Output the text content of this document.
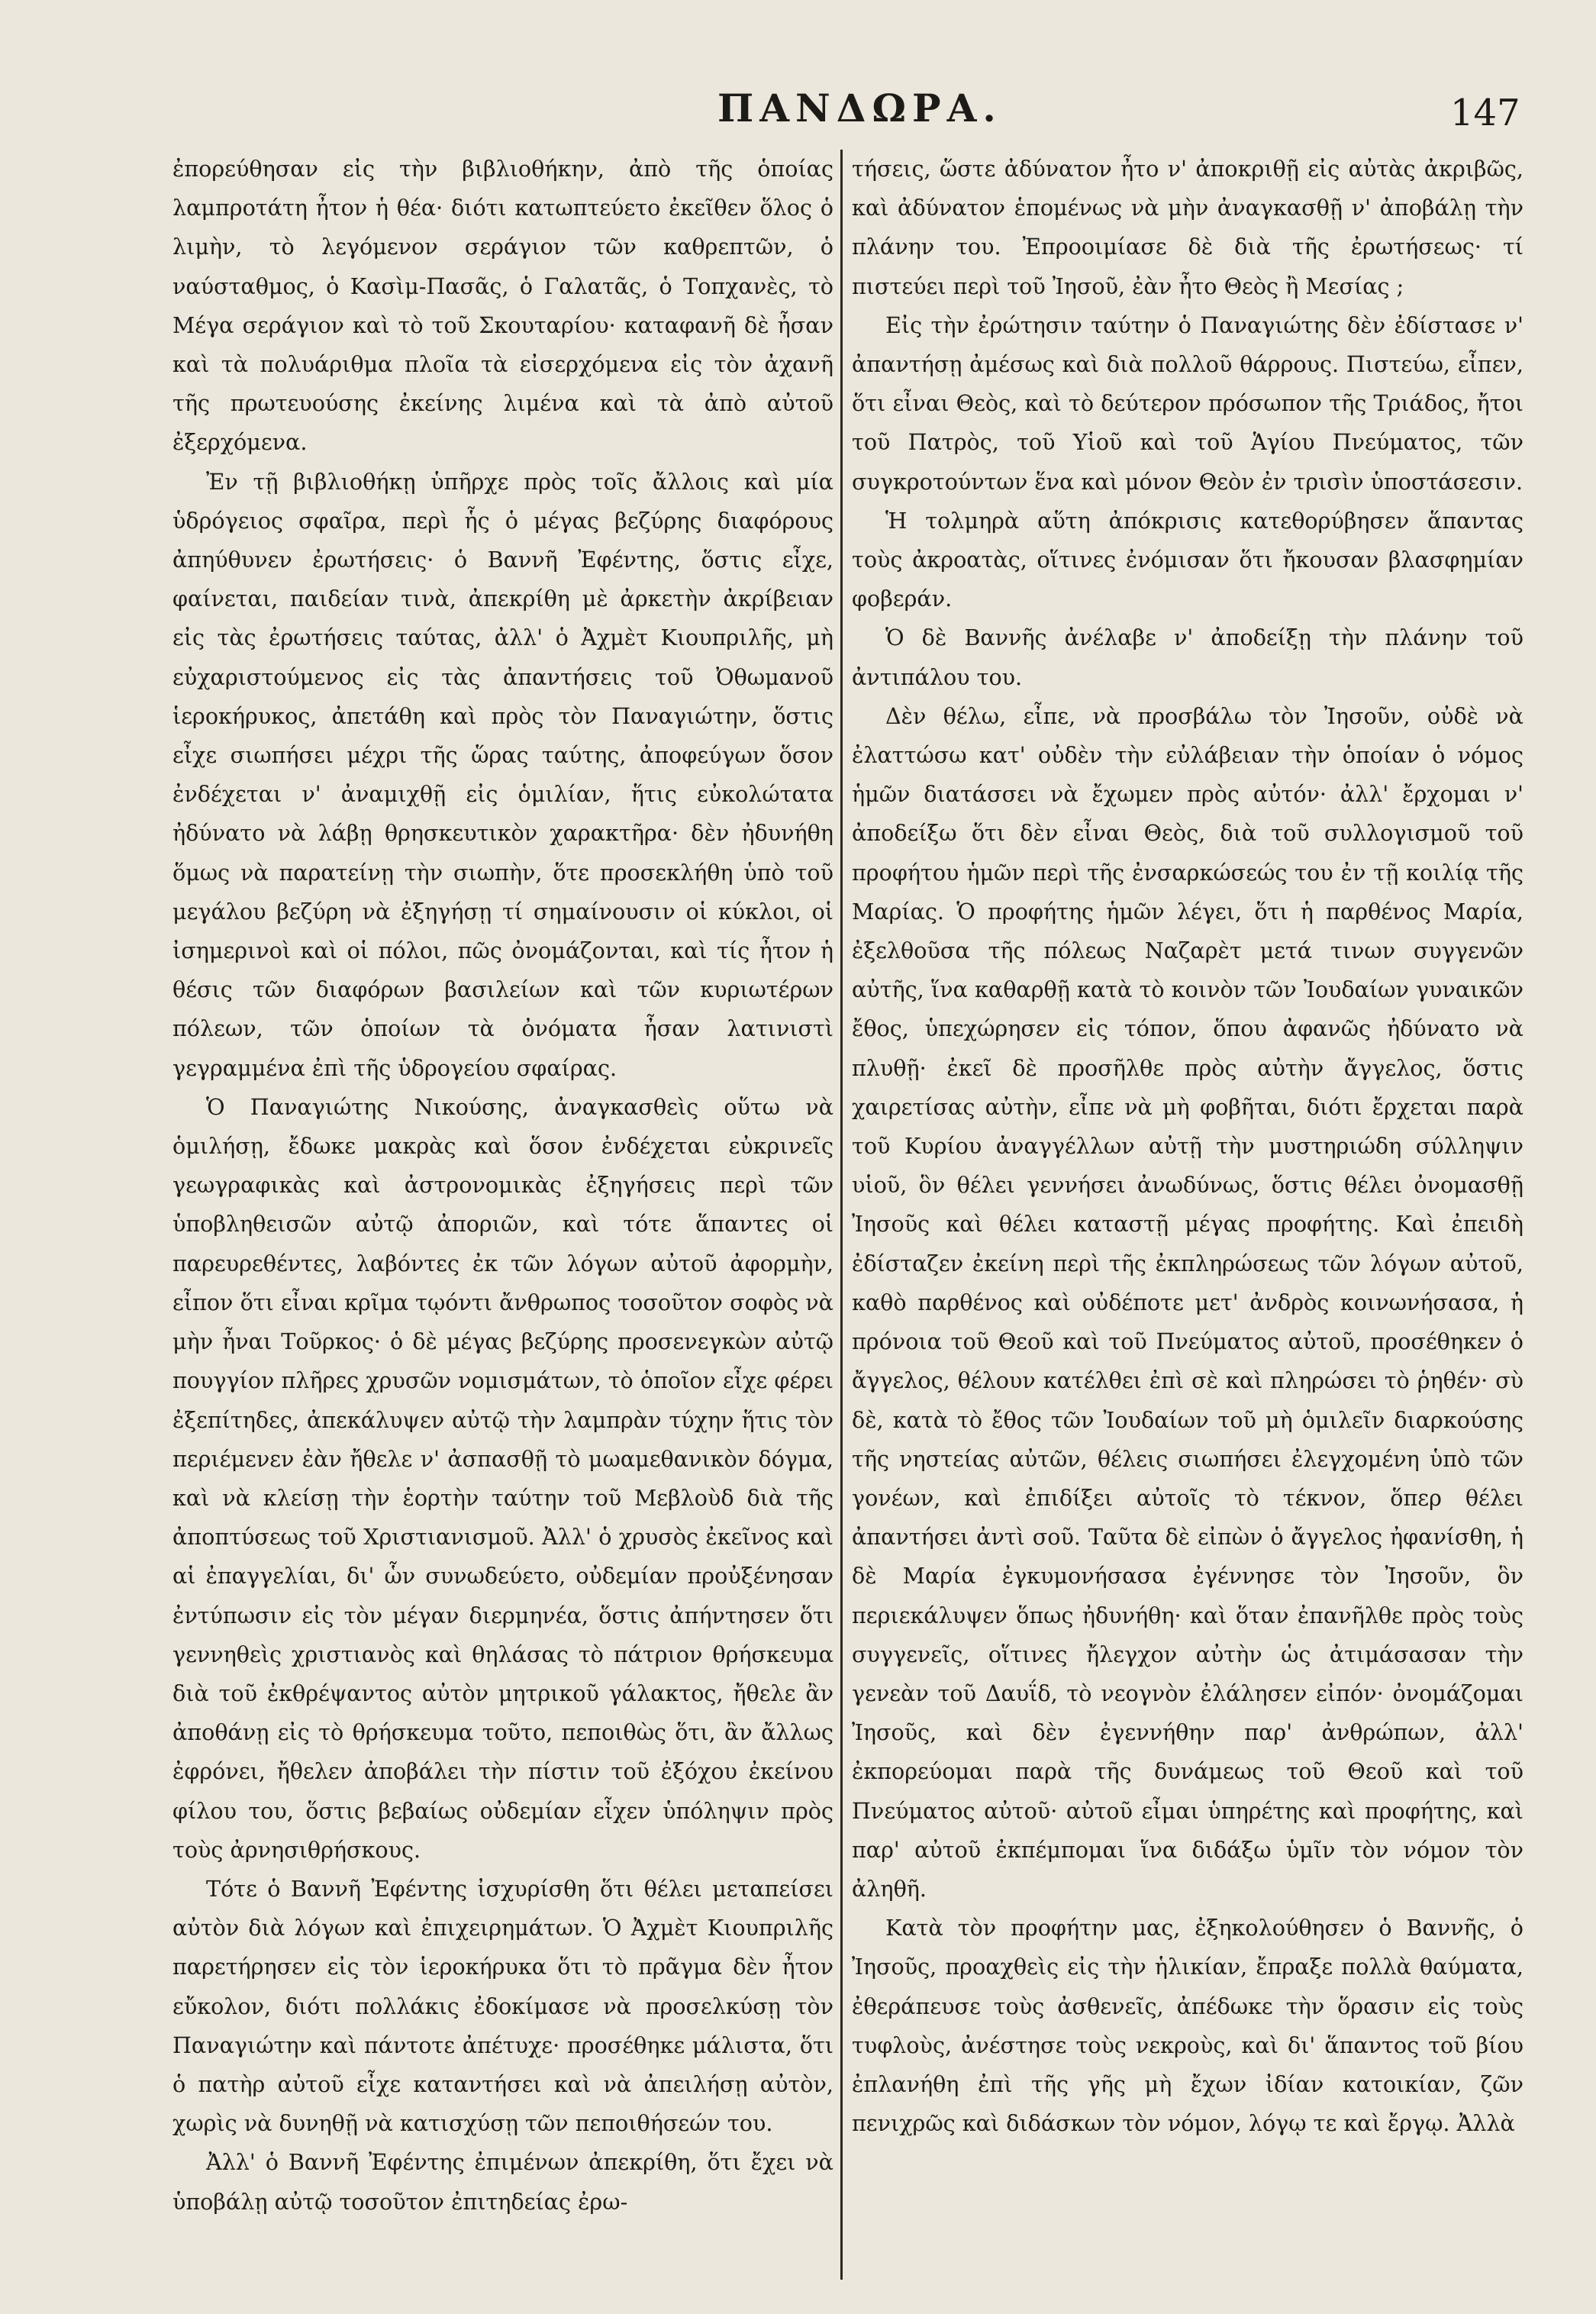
ΠΑΝΔΩΡΑ.	147

ἐπορεύθησαν εἰς τὴν βιβλιοθήκην, ἀπὸ τῆς ὁποίας λαμπροτάτη ἦτον ἡ θέα· διότι κατωπτεύετο ἐκεῖθεν ὅλος ὁ λιμὴν, τὸ λεγόμενον σεράγιον τῶν καθρεπτῶν, ὁ ναύσταθμος, ὁ Κασὶμ-Πασᾶς, ὁ Γαλατᾶς, ὁ Τοπχανὲς, τὸ Μέγα σεράγιον καὶ τὸ τοῦ Σκουταρίου· καταφανῆ δὲ ἦσαν καὶ τὰ πολυάριθμα πλοῖα τὰ εἰσερχόμενα εἰς τὸν ἀχανῆ τῆς πρωτευούσης ἐκείνης λιμένα καὶ τὰ ἀπὸ αὐτοῦ ἐξερχόμενα.

Ἐν τῇ βιβλιοθήκῃ ὑπῆρχε πρὸς τοῖς ἄλλοις καὶ μία ὑδρόγειος σφαῖρα, περὶ ἧς ὁ μέγας βεζύρης διαφόρους ἀπηύθυνεν ἐρωτήσεις· ὁ Βαννῆ Ἐφέντης, ὅστις εἶχε, φαίνεται, παιδείαν τινὰ, ἀπεκρίθη μὲ ἀρκετὴν ἀκρίβειαν εἰς τὰς ἐρωτήσεις ταύτας, ἀλλ' ὁ Ἀχμὲτ Κιουπριλῆς, μὴ εὐχαριστούμενος εἰς τὰς ἀπαντήσεις τοῦ Ὀθωμανοῦ ἱεροκήρυκος, ἀπετάθη καὶ πρὸς τὸν Παναγιώτην, ὅστις εἶχε σιωπήσει μέχρι τῆς ὥρας ταύτης, ἀποφεύγων ὅσον ἐνδέχεται ν' ἀναμιχθῇ εἰς ὁμιλίαν, ἥτις εὐκολώτατα ἠδύνατο νὰ λάβῃ θρησκευτικὸν χαρακτῆρα· δὲν ἠδυνήθη ὅμως νὰ παρατείνῃ τὴν σιωπὴν, ὅτε προσεκλήθη ὑπὸ τοῦ μεγάλου βεζύρη νὰ ἐξηγήσῃ τί σημαίνουσιν οἱ κύκλοι, οἱ ἰσημερινοὶ καὶ οἱ πόλοι, πῶς ὀνομάζονται, καὶ τίς ἦτον ἡ θέσις τῶν διαφόρων βασιλείων καὶ τῶν κυριωτέρων πόλεων, τῶν ὁποίων τὰ ὀνόματα ἦσαν λατινιστὶ γεγραμμένα ἐπὶ τῆς ὑδρογείου σφαίρας.

Ὁ Παναγιώτης Νικούσης, ἀναγκασθεὶς οὕτω νὰ ὁμιλήσῃ, ἔδωκε μακρὰς καὶ ὅσον ἐνδέχεται εὐκρινεῖς γεωγραφικὰς καὶ ἀστρονομικὰς ἐξηγήσεις περὶ τῶν ὑποβληθεισῶν αὐτῷ ἀποριῶν, καὶ τότε ἅπαντες οἱ παρευρεθέντες, λαβόντες ἐκ τῶν λόγων αὐτοῦ ἀφορμὴν, εἶπον ὅτι εἶναι κρῖμα τῳόντι ἄνθρωπος τοσοῦτον σοφὸς νὰ μὴν ἦναι Τοῦρκος· ὁ δὲ μέγας βεζύρης προσενεγκὼν αὐτῷ πουγγίον πλῆρες χρυσῶν νομισμάτων, τὸ ὁποῖον εἶχε φέρει ἐξεπίτηδες, ἀπεκάλυψεν αὐτῷ τὴν λαμπρὰν τύχην ἥτις τὸν περιέμενεν ἐὰν ἤθελε ν' ἀσπασθῇ τὸ μωαμεθανικὸν δόγμα, καὶ νὰ κλείσῃ τὴν ἑορτὴν ταύτην τοῦ Μεβλοὺδ διὰ τῆς ἀποπτύσεως τοῦ Χριστιανισμοῦ. Ἀλλ' ὁ χρυσὸς ἐκεῖνος καὶ αἱ ἐπαγγελίαι, δι' ὧν συνωδεύετο, οὐδεμίαν προὐξένησαν ἐντύπωσιν εἰς τὸν μέγαν διερμηνέα, ὅστις ἀπήντησεν ὅτι γεννηθεὶς χριστιανὸς καὶ θηλάσας τὸ πάτριον θρήσκευμα διὰ τοῦ ἐκθρέψαντος αὐτὸν μητρικοῦ γάλακτος, ἤθελε ἂν ἀποθάνῃ εἰς τὸ θρήσκευμα τοῦτο, πεποιθὼς ὅτι, ἂν ἄλλως ἐφρόνει, ἤθελεν ἀποβάλει τὴν πίστιν τοῦ ἐξόχου ἐκείνου φίλου του, ὅστις βεβαίως οὐδεμίαν εἶχεν ὑπόληψιν πρὸς τοὺς ἀρνησιθρήσκους.

Τότε ὁ Βαννῆ Ἐφέντης ἰσχυρίσθη ὅτι θέλει μεταπείσει αὐτὸν διὰ λόγων καὶ ἐπιχειρημάτων. Ὁ Ἀχμὲτ Κιουπριλῆς παρετήρησεν εἰς τὸν ἱεροκήρυκα ὅτι τὸ πρᾶγμα δὲν ἦτον εὔκολον, διότι πολλάκις ἐδοκίμασε νὰ προσελκύσῃ τὸν Παναγιώτην καὶ πάντοτε ἀπέτυχε· προσέθηκε μάλιστα, ὅτι ὁ πατὴρ αὐτοῦ εἶχε καταντήσει καὶ νὰ ἀπειλήσῃ αὐτὸν, χωρὶς νὰ δυνηθῇ νὰ κατισχύσῃ τῶν πεποιθήσεών του.

Ἀλλ' ὁ Βαννῆ Ἐφέντης ἐπιμένων ἀπεκρίθη, ὅτι ἔχει νὰ ὑποβάλῃ αὐτῷ τοσοῦτον ἐπιτηδείας ἐρω-

τήσεις, ὥστε ἀδύνατον ἦτο ν' ἀποκριθῇ εἰς αὐτὰς ἀκριβῶς, καὶ ἀδύνατον ἑπομένως νὰ μὴν ἀναγκασθῇ ν' ἀποβάλῃ τὴν πλάνην του. Ἐπροοιμίασε δὲ διὰ τῆς ἐρωτήσεως· τί πιστεύει περὶ τοῦ Ἰησοῦ, ἐὰν ἦτο Θεὸς ἢ Μεσίας ;

Εἰς τὴν ἐρώτησιν ταύτην ὁ Παναγιώτης δὲν ἐδίστασε ν' ἀπαντήσῃ ἀμέσως καὶ διὰ πολλοῦ θάρρους. Πιστεύω, εἶπεν, ὅτι εἶναι Θεὸς, καὶ τὸ δεύτερον πρόσωπον τῆς Τριάδος, ἤτοι τοῦ Πατρὸς, τοῦ Υἱοῦ καὶ τοῦ Ἁγίου Πνεύματος, τῶν συγκροτούντων ἕνα καὶ μόνον Θεὸν ἐν τρισὶν ὑποστάσεσιν.

Ἡ τολμηρὰ αὕτη ἀπόκρισις κατεθορύβησεν ἅπαντας τοὺς ἀκροατὰς, οἵτινες ἐνόμισαν ὅτι ἤκουσαν βλασφημίαν φοβεράν.

Ὁ δὲ Βαννῆς ἀνέλαβε ν' ἀποδείξῃ τὴν πλάνην τοῦ ἀντιπάλου του.

Δὲν θέλω, εἶπε, νὰ προσβάλω τὸν Ἰησοῦν, οὐδὲ νὰ ἐλαττώσω κατ' οὐδὲν τὴν εὐλάβειαν τὴν ὁποίαν ὁ νόμος ἡμῶν διατάσσει νὰ ἔχωμεν πρὸς αὐτόν· ἀλλ' ἔρχομαι ν' ἀποδείξω ὅτι δὲν εἶναι Θεὸς, διὰ τοῦ συλλογισμοῦ τοῦ προφήτου ἡμῶν περὶ τῆς ἐνσαρκώσεώς του ἐν τῇ κοιλίᾳ τῆς Μαρίας. Ὁ προφήτης ἡμῶν λέγει, ὅτι ἡ παρθένος Μαρία, ἐξελθοῦσα τῆς πόλεως Ναζαρὲτ μετά τινων συγγενῶν αὐτῆς, ἵνα καθαρθῇ κατὰ τὸ κοινὸν τῶν Ἰουδαίων γυναικῶν ἔθος, ὑπεχώρησεν εἰς τόπον, ὅπου ἀφανῶς ἠδύνατο νὰ πλυθῇ· ἐκεῖ δὲ προσῆλθε πρὸς αὐτὴν ἄγγελος, ὅστις χαιρετίσας αὐτὴν, εἶπε νὰ μὴ φοβῆται, διότι ἔρχεται παρὰ τοῦ Κυρίου ἀναγγέλλων αὐτῇ τὴν μυστηριώδη σύλληψιν υἱοῦ, ὃν θέλει γεννήσει ἀνωδύνως, ὅστις θέλει ὀνομασθῇ Ἰησοῦς καὶ θέλει καταστῇ μέγας προφήτης. Καὶ ἐπειδὴ ἐδίσταζεν ἐκείνη περὶ τῆς ἐκπληρώσεως τῶν λόγων αὐτοῦ, καθὸ παρθένος καὶ οὐδέποτε μετ' ἀνδρὸς κοινωνήσασα, ἡ πρόνοια τοῦ Θεοῦ καὶ τοῦ Πνεύματος αὐτοῦ, προσέθηκεν ὁ ἄγγελος, θέλουν κατέλθει ἐπὶ σὲ καὶ πληρώσει τὸ ῥηθέν· σὺ δὲ, κατὰ τὸ ἔθος τῶν Ἰουδαίων τοῦ μὴ ὁμιλεῖν διαρκούσης τῆς νηστείας αὐτῶν, θέλεις σιωπήσει ἐλεγχομένη ὑπὸ τῶν γονέων, καὶ ἐπιδίξει αὐτοῖς τὸ τέκνον, ὅπερ θέλει ἀπαντήσει ἀντὶ σοῦ. Ταῦτα δὲ εἰπὼν ὁ ἄγγελος ἠφανίσθη, ἡ δὲ Μαρία ἐγκυμονήσασα ἐγέννησε τὸν Ἰησοῦν, ὃν περιεκάλυψεν ὅπως ἠδυνήθη· καὶ ὅταν ἐπανῆλθε πρὸς τοὺς συγγενεῖς, οἵτινες ἤλεγχον αὐτὴν ὡς ἀτιμάσασαν τὴν γενεὰν τοῦ Δαυΐδ, τὸ νεογνὸν ἐλάλησεν εἰπόν· ὀνομάζομαι Ἰησοῦς, καὶ δὲν ἐγεννήθην παρ' ἀνθρώπων, ἀλλ' ἐκπορεύομαι παρὰ τῆς δυνάμεως τοῦ Θεοῦ καὶ τοῦ Πνεύματος αὐτοῦ· αὐτοῦ εἶμαι ὑπηρέτης καὶ προφήτης, καὶ παρ' αὐτοῦ ἐκπέμπομαι ἵνα διδάξω ὑμῖν τὸν νόμον τὸν ἀληθῆ.

Κατὰ τὸν προφήτην μας, ἐξηκολούθησεν ὁ Βαννῆς, ὁ Ἰησοῦς, προαχθεὶς εἰς τὴν ἡλικίαν, ἔπραξε πολλὰ θαύματα, ἐθεράπευσε τοὺς ἀσθενεῖς, ἀπέδωκε τὴν ὅρασιν εἰς τοὺς τυφλοὺς, ἀνέστησε τοὺς νεκροὺς, καὶ δι' ἅπαντος τοῦ βίου ἐπλανήθη ἐπὶ τῆς γῆς μὴ ἔχων ἰδίαν κατοικίαν, ζῶν πενιχρῶς καὶ διδάσκων τὸν νόμον, λόγῳ τε καὶ ἔργῳ. Ἀλλὰ
